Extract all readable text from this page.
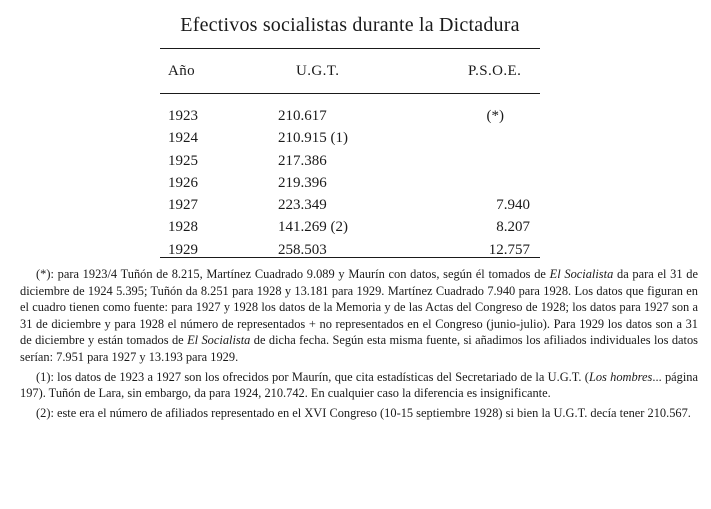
Efectivos socialistas durante la Dictadura
Año	U.G.T.	P.S.O.E.
1923	210.617	(*)
1924	210.915 (1)
1925	217.386
1926	219.396
1927	223.349	7.940
1928	141.269 (2)	8.207
1929	258.503	12.757

(*): para 1923/4 Tuñón de 8.215, Martínez Cuadrado 9.089 y Maurín con datos, según él tomados de El Socialista da para el 31 de diciembre de 1924 5.395; Tuñón da 8.251 para 1928 y 13.181 para 1929. Martínez Cuadrado 7.940 para 1928. Los datos que figuran en el cuadro tienen como fuente: para 1927 y 1928 los datos de la Memoria y de las Actas del Congreso de 1928; los datos para 1927 son a 31 de diciembre y para 1928 el número de representados + no representados en el Congreso (junio-julio). Para 1929 los datos son a 31 de diciembre y están tomados de El Socialista de dicha fecha. Según esta misma fuente, si añadimos los afiliados individuales los datos serían: 7.951 para 1927 y 13.193 para 1929.

(1): los datos de 1923 a 1927 son los ofrecidos por Maurín, que cita estadísticas del Secretariado de la U.G.T. (Los hombres... página 197). Tuñón de Lara, sin embargo, da para 1924, 210.742. En cualquier caso la diferencia es insignificante.

(2): este era el número de afiliados representado en el XVI Congreso (10-15 septiembre 1928) si bien la U.G.T. decía tener 210.567.
